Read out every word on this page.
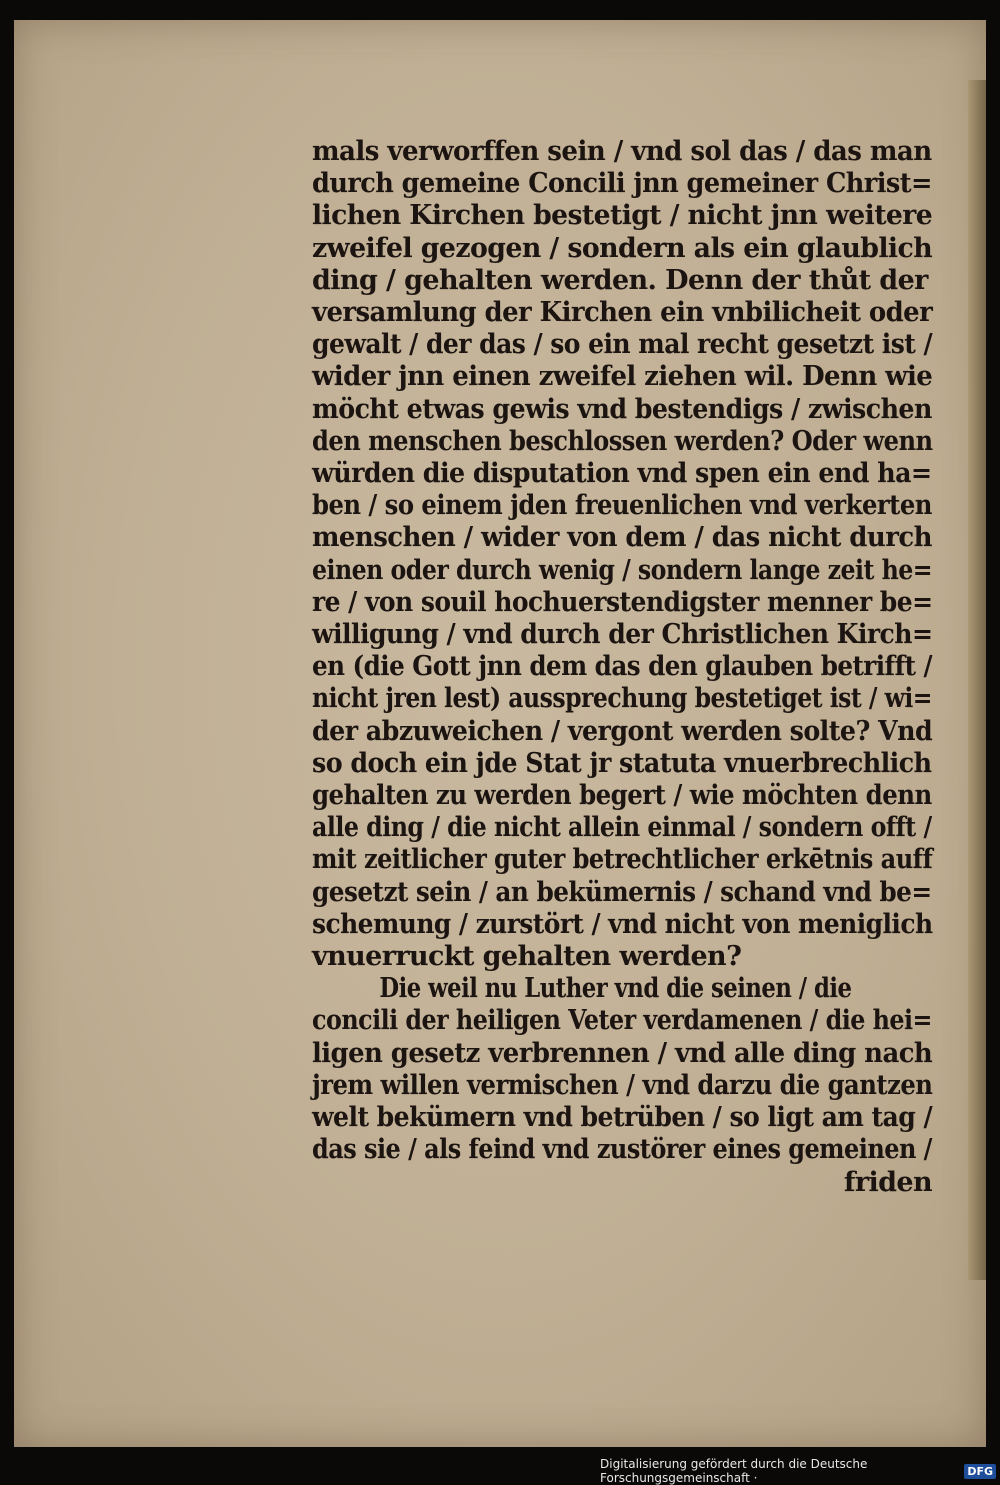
mals verworffen sein / vnd sol das / das man
durch gemeine Concili jnn gemeiner Christ=
lichen Kirchen bestetigt / nicht jnn weitere
zweifel gezogen / sondern als ein glaublich
ding / gehalten werden. Denn der thůt der
versamlung der Kirchen ein vnbilicheit oder
gewalt / der das / so ein mal recht gesetzt ist /
wider jnn einen zweifel ziehen wil. Denn wie
möcht etwas gewis vnd bestendigs / zwischen
den menschen beschlossen werden? Oder wenn
würden die disputation vnd spen ein end ha=
ben / so einem jden freuenlichen vnd verkerten
menschen / wider von dem / das nicht durch
einen oder durch wenig / sondern lange zeit he=
re / von souil hochuerstendigster menner be=
willigung / vnd durch der Christlichen Kirch=
en (die Gott jnn dem das den glauben betrifft /
nicht jren lest) aussprechung bestetiget ist / wi=
der abzuweichen / vergont werden solte? Vnd
so doch ein jde Stat jr statuta vnuerbrechlich
gehalten zu werden begert / wie möchten denn
alle ding / die nicht allein einmal / sondern offt /
mit zeitlicher guter betrechtlicher erkētnis auff
gesetzt sein / an bekümernis / schand vnd be=
schemung / zurstört / vnd nicht von meniglich
vnuerruckt gehalten werden?
Die weil nu Luther vnd die seinen / die
concili der heiligen Veter verdamenen / die hei=
ligen gesetz verbrennen / vnd alle ding nach
jrem willen vermischen / vnd darzu die gantzen
welt bekümern vnd betrüben / so ligt am tag /
das sie / als feind vnd zustörer eines gemeinen /
friden
Digitalisierung gefördert durch die Deutsche Forschungsgemeinschaft ·	DFG
